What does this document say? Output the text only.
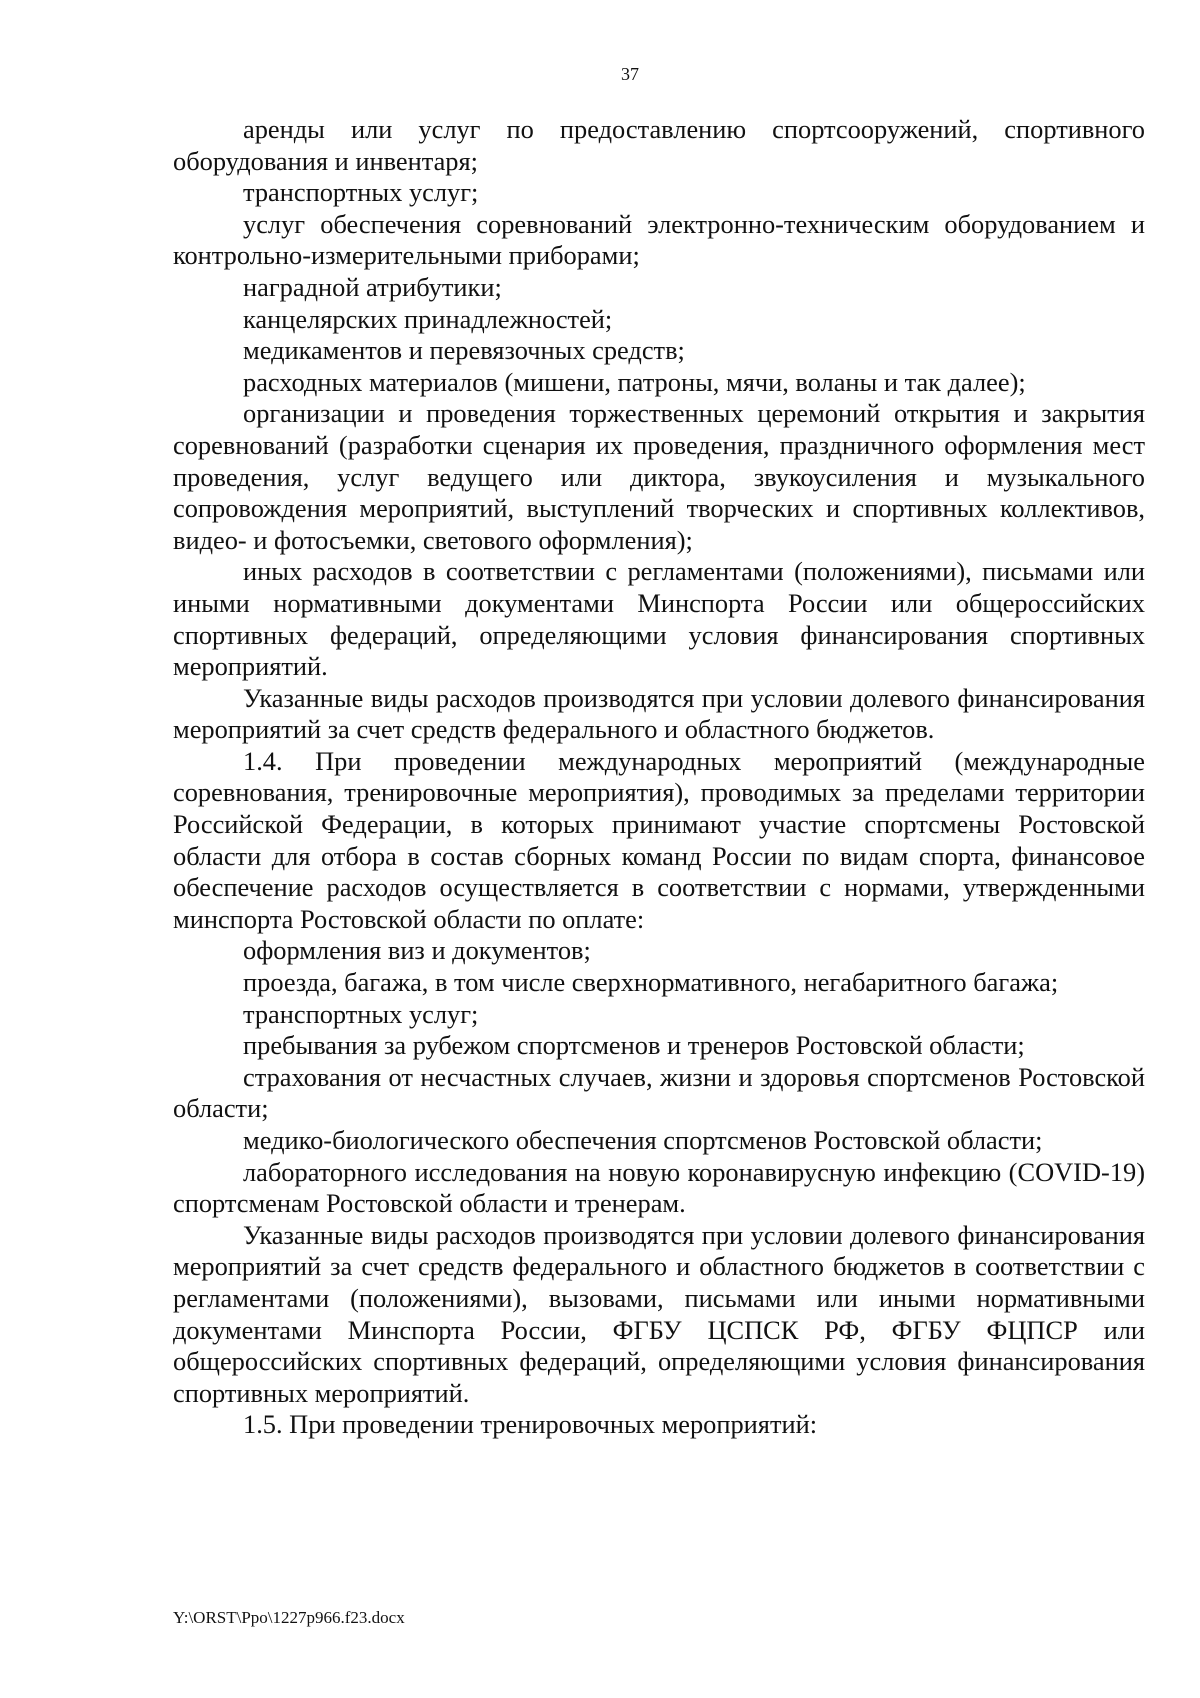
37

аренды или услуг по предоставлению спортсооружений, спортивного оборудования и инвентаря;

транспортных услуг;

услуг обеспечения соревнований электронно-техническим оборудованием и контрольно-измерительными приборами;

наградной атрибутики;

канцелярских принадлежностей;

медикаментов и перевязочных средств;

расходных материалов (мишени, патроны, мячи, воланы и так далее);

организации и проведения торжественных церемоний открытия и закрытия соревнований (разработки сценария их проведения, праздничного оформления мест проведения, услуг ведущего или диктора, звукоусиления и музыкального сопровождения мероприятий, выступлений творческих и спортивных коллективов, видео- и фотосъемки, светового оформления);

иных расходов в соответствии с регламентами (положениями), письмами или иными нормативными документами Минспорта России или общероссийских спортивных федераций, определяющими условия финансирования спортивных мероприятий.

Указанные виды расходов производятся при условии долевого финансирования мероприятий за счет средств федерального и областного бюджетов.

1.4. При проведении международных мероприятий (международные соревнования, тренировочные мероприятия), проводимых за пределами территории Российской Федерации, в которых принимают участие спортсмены Ростовской области для отбора в состав сборных команд России по видам спорта, финансовое обеспечение расходов осуществляется в соответствии с нормами, утвержденными минспорта Ростовской области по оплате:

оформления виз и документов;

проезда, багажа, в том числе сверхнормативного, негабаритного багажа;

транспортных услуг;

пребывания за рубежом спортсменов и тренеров Ростовской области;

страхования от несчастных случаев, жизни и здоровья спортсменов Ростовской области;

медико-биологического обеспечения спортсменов Ростовской области;

лабораторного исследования на новую коронавирусную инфекцию (COVID-19) спортсменам Ростовской области и тренерам.

Указанные виды расходов производятся при условии долевого финансирования мероприятий за счет средств федерального и областного бюджетов в соответствии с регламентами (положениями), вызовами, письмами или иными нормативными документами Минспорта России, ФГБУ ЦСПСК РФ, ФГБУ ФЦПСР или общероссийских спортивных федераций, определяющими условия финансирования спортивных мероприятий.

1.5. При проведении тренировочных мероприятий:

Y:\ORST\Ppo\1227p966.f23.docx
